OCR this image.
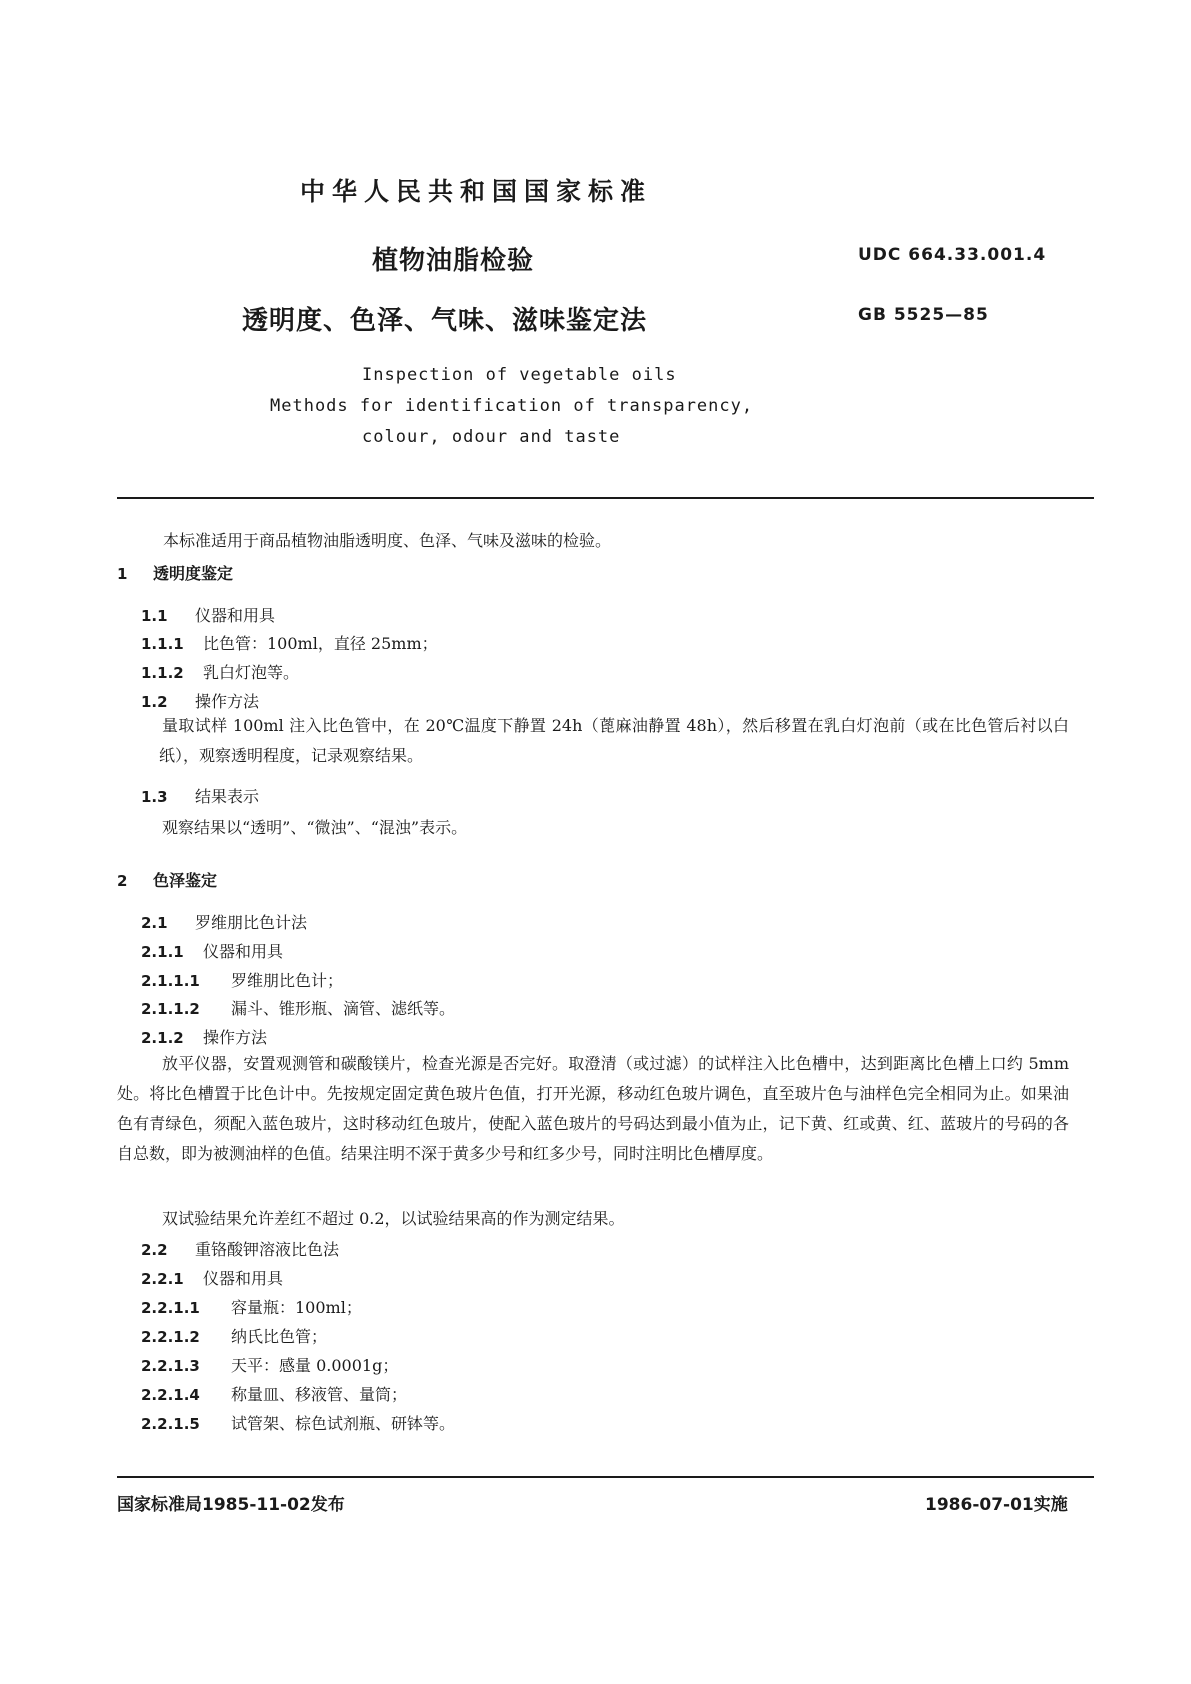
中华人民共和国国家标准
植物油脂检验
透明度、色泽、气味、滋味鉴定法
UDC 664.33.001.4
GB 5525—85
Inspection of vegetable oils
Methods for identification of transparency,
colour, odour and taste
本标准适用于商品植物油脂透明度、色泽、气味及滋味的检验。
1 透明度鉴定
1.1 仪器和用具
1.1.1 比色管：100ml，直径 25mm；
1.1.2 乳白灯泡等。
1.2 操作方法
量取试样 100ml 注入比色管中，在 20℃温度下静置 24h（蓖麻油静置 48h），然后移置在乳白灯泡前（或在比色管后衬以白纸），观察透明程度，记录观察结果。
1.3 结果表示
观察结果以“透明”、“微浊”、“混浊”表示。
2 色泽鉴定
2.1 罗维朋比色计法
2.1.1 仪器和用具
2.1.1.1 罗维朋比色计；
2.1.1.2 漏斗、锥形瓶、滴管、滤纸等。
2.1.2 操作方法
放平仪器，安置观测管和碳酸镁片，检查光源是否完好。取澄清（或过滤）的试样注入比色槽中，达到距离比色槽上口约 5mm 处。将比色槽置于比色计中。先按规定固定黄色玻片色值，打开光源，移动红色玻片调色，直至玻片色与油样色完全相同为止。如果油色有青绿色，须配入蓝色玻片，这时移动红色玻片，使配入蓝色玻片的号码达到最小值为止，记下黄、红或黄、红、蓝玻片的号码的各自总数，即为被测油样的色值。结果注明不深于黄多少号和红多少号，同时注明比色槽厚度。
双试验结果允许差红不超过 0.2，以试验结果高的作为测定结果。
2.2 重铬酸钾溶液比色法
2.2.1 仪器和用具
2.2.1.1 容量瓶：100ml；
2.2.1.2 纳氏比色管；
2.2.1.3 天平：感量 0.0001g；
2.2.1.4 称量皿、移液管、量筒；
2.2.1.5 试管架、棕色试剂瓶、研钵等。
国家标准局1985-11-02发布	1986-07-01实施
